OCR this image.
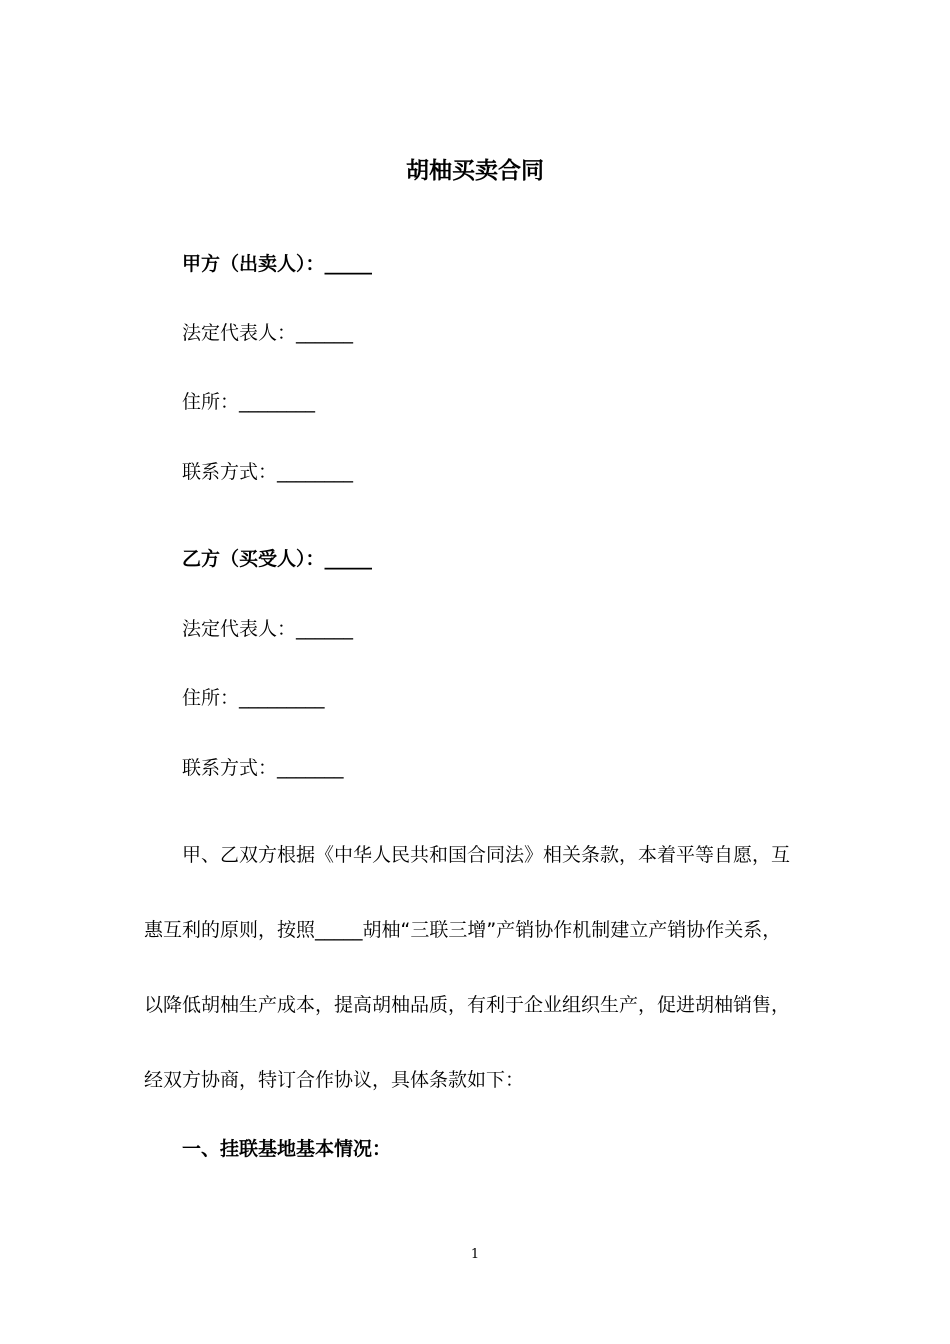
胡柚买卖合同
甲方（出卖人）：_____
法定代表人：______
住所：________
联系方式：________
乙方（买受人）：_____
法定代表人：______
住所：_________
联系方式：_______
甲、乙双方根据《中华人民共和国合同法》相关条款，本着平等自愿，互
惠互利的原则，按照_____胡柚“三联三增”产销协作机制建立产销协作关系，
以降低胡柚生产成本，提高胡柚品质，有利于企业组织生产，促进胡柚销售，
经双方协商，特订合作协议，具体条款如下：
一、挂联基地基本情况：
1
